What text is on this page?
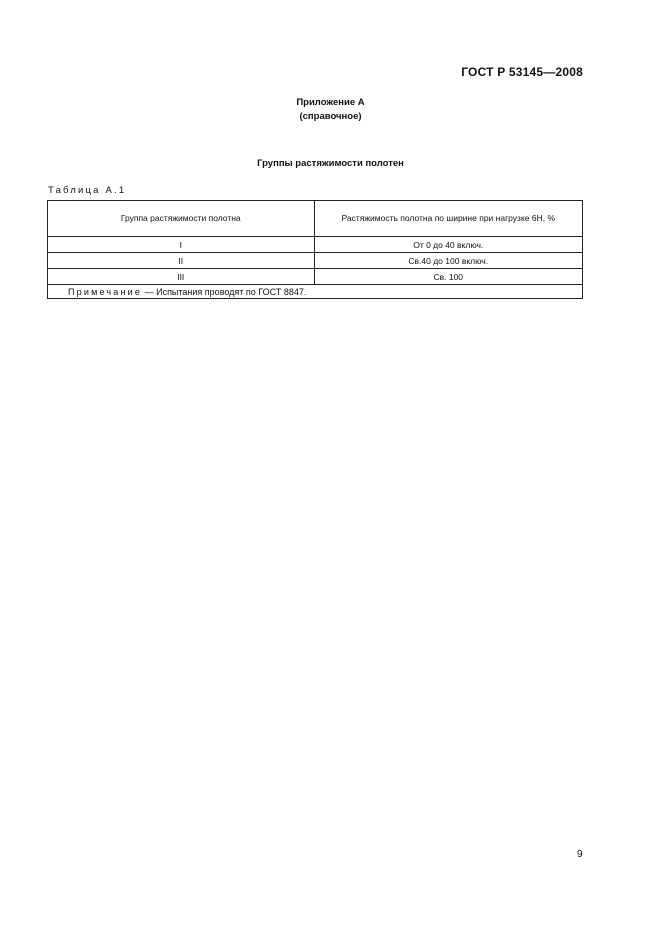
ГОСТ Р 53145—2008
Приложение А
(справочное)
Группы растяжимости полотен
Таблица А.1
Группа растяжимости полотна	Растяжимость полотна по ширине при нагрузке 6Н, %
I	От 0 до 40 включ.
II	Св.40 до 100 включ.
III	Св. 100
Примечание — Испытания проводят по ГОСТ 8847.	
9
